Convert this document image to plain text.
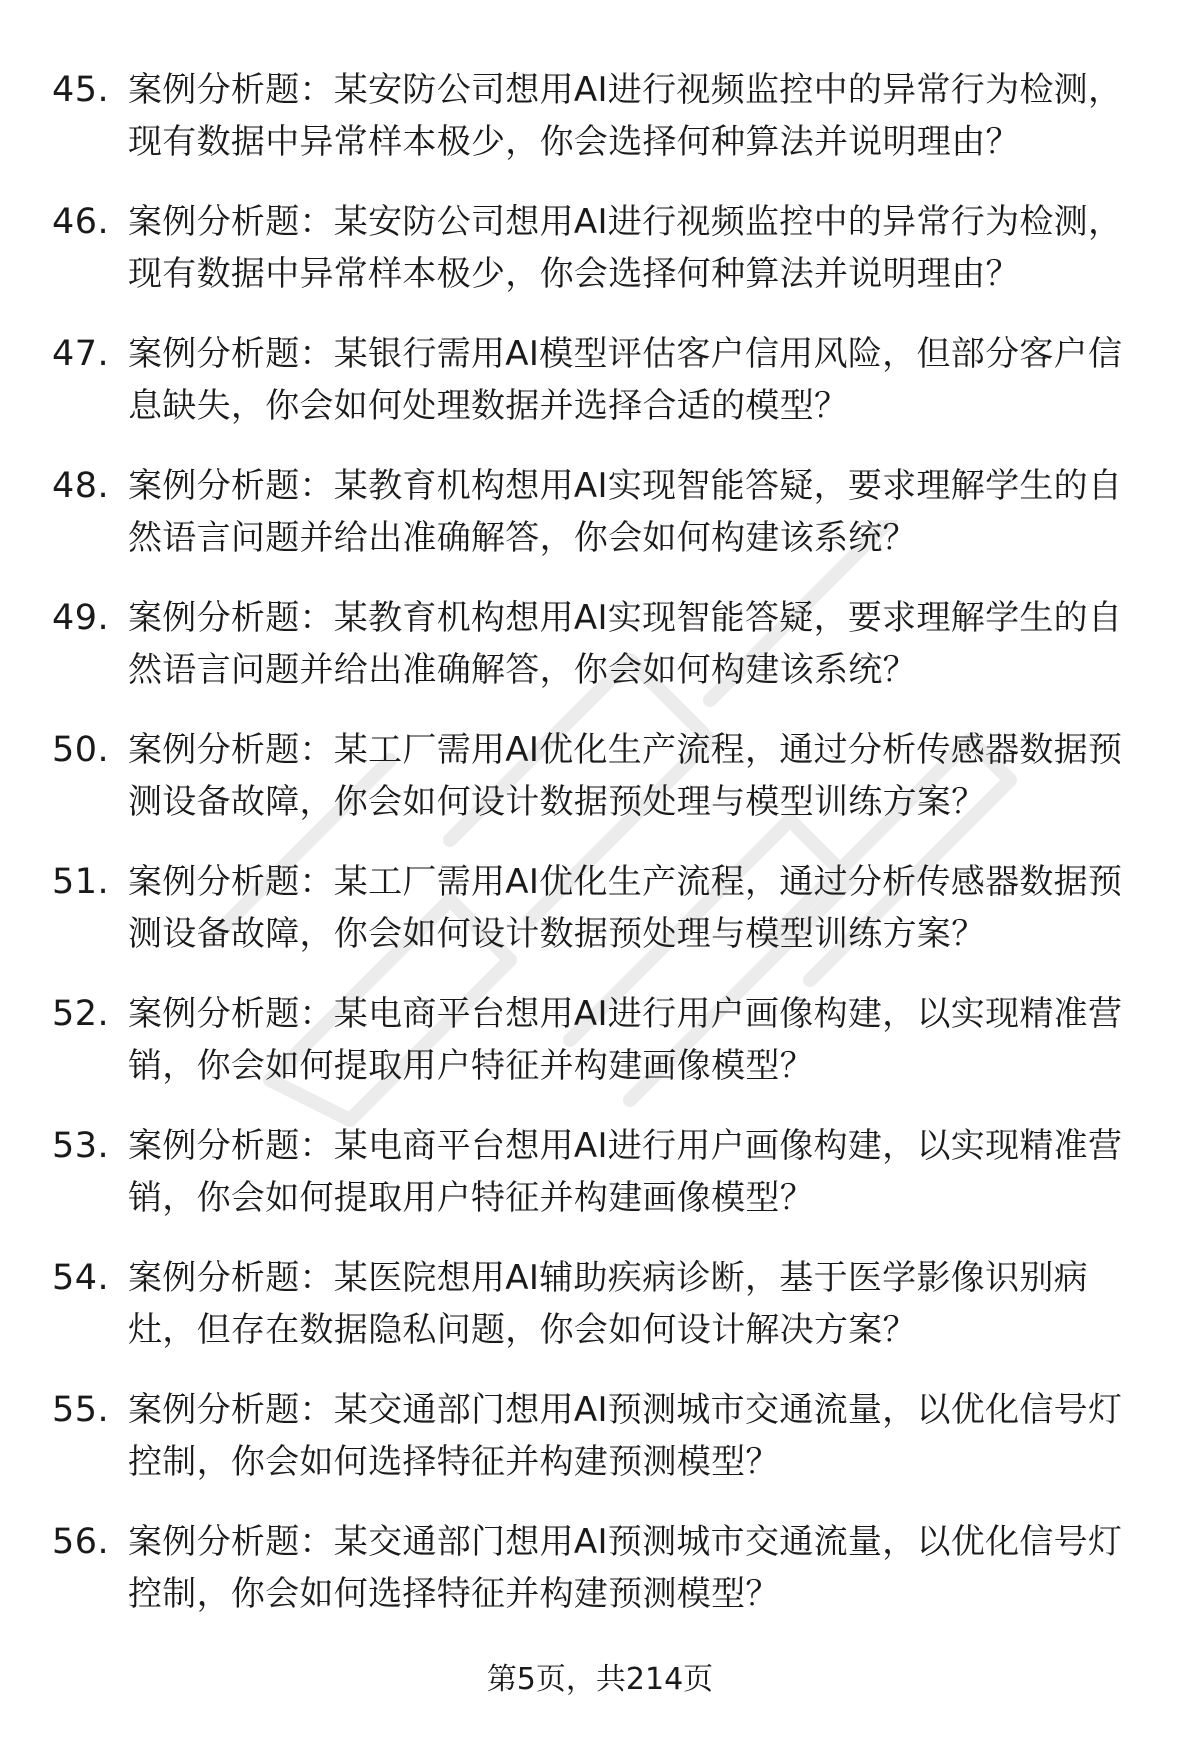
45. 案例分析题：某安防公司想用AI进行视频监控中的异常行为检测，现有数据中异常样本极少，你会选择何种算法并说明理由？
46. 案例分析题：某安防公司想用AI进行视频监控中的异常行为检测，现有数据中异常样本极少，你会选择何种算法并说明理由？
47. 案例分析题：某银行需用AI模型评估客户信用风险，但部分客户信息缺失，你会如何处理数据并选择合适的模型？
48. 案例分析题：某教育机构想用AI实现智能答疑，要求理解学生的自然语言问题并给出准确解答，你会如何构建该系统？
49. 案例分析题：某教育机构想用AI实现智能答疑，要求理解学生的自然语言问题并给出准确解答，你会如何构建该系统？
50. 案例分析题：某工厂需用AI优化生产流程，通过分析传感器数据预测设备故障，你会如何设计数据预处理与模型训练方案？
51. 案例分析题：某工厂需用AI优化生产流程，通过分析传感器数据预测设备故障，你会如何设计数据预处理与模型训练方案？
52. 案例分析题：某电商平台想用AI进行用户画像构建，以实现精准营销，你会如何提取用户特征并构建画像模型？
53. 案例分析题：某电商平台想用AI进行用户画像构建，以实现精准营销，你会如何提取用户特征并构建画像模型？
54. 案例分析题：某医院想用AI辅助疾病诊断，基于医学影像识别病灶，但存在数据隐私问题，你会如何设计解决方案？
55. 案例分析题：某交通部门想用AI预测城市交通流量，以优化信号灯控制，你会如何选择特征并构建预测模型？
56. 案例分析题：某交通部门想用AI预测城市交通流量，以优化信号灯控制，你会如何选择特征并构建预测模型？
第5页，共214页
